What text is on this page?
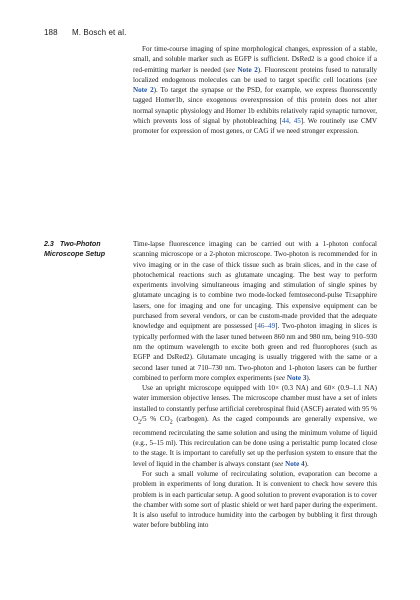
188 M. Bosch et al.

For time-course imaging of spine morphological changes, expression of a stable, small, and soluble marker such as EGFP is sufficient. DsRed2 is a good choice if a red-emitting marker is needed (see Note 2). Fluorescent proteins fused to naturally localized endogenous molecules can be used to target specific cell locations (see Note 2). To target the synapse or the PSD, for example, we express fluorescently tagged Homer1b, since exogenous overexpression of this protein does not alter normal synaptic physiology and Homer 1b exhibits relatively rapid synaptic turnover, which prevents loss of signal by photobleaching [44, 45]. We routinely use CMV promoter for expression of most genes, or CAG if we need stronger expression.

2.3 Two-Photon
Microscope Setup

Time-lapse fluorescence imaging can be carried out with a 1-photon confocal scanning microscope or a 2-photon microscope. Two-photon is recommended for in vivo imaging or in the case of thick tissue such as brain slices, and in the case of photochemical reactions such as glutamate uncaging. The best way to perform experiments involving simultaneous imaging and stimulation of single spines by glutamate uncaging is to combine two mode-locked femtosecond-pulse Ti:sapphire lasers, one for imaging and one for uncaging. This expensive equipment can be purchased from several vendors, or can be custom-made provided that the adequate knowledge and equipment are possessed [46–49]. Two-photon imaging in slices is typically performed with the laser tuned between 860 nm and 980 nm, being 910–930 nm the optimum wavelength to excite both green and red fluorophores (such as EGFP and DsRed2). Glutamate uncaging is usually triggered with the same or a second laser tuned at 710–730 nm. Two-photon and 1-photon lasers can be further combined to perform more complex experiments (see Note 3).

Use an upright microscope equipped with 10× (0.3 NA) and 60× (0.9–1.1 NA) water immersion objective lenses. The microscope chamber must have a set of inlets installed to constantly perfuse artificial cerebrospinal fluid (ASCF) aerated with 95 % $O_2/5$ % $CO_2$ (carbogen). As the caged compounds are generally expensive, we recommend recirculating the same solution and using the minimum volume of liquid (e.g., 5–15 ml). This recirculation can be done using a peristaltic pump located close to the stage. It is important to carefully set up the perfusion system to ensure that the level of liquid in the chamber is always constant (see Note 4).

For such a small volume of recirculating solution, evaporation can become a problem in experiments of long duration. It is convenient to check how severe this problem is in each particular setup. A good solution to prevent evaporation is to cover the chamber with some sort of plastic shield or wet hard paper during the experiment. It is also useful to introduce humidity into the carbogen by bubbling it first through water before bubbling into
